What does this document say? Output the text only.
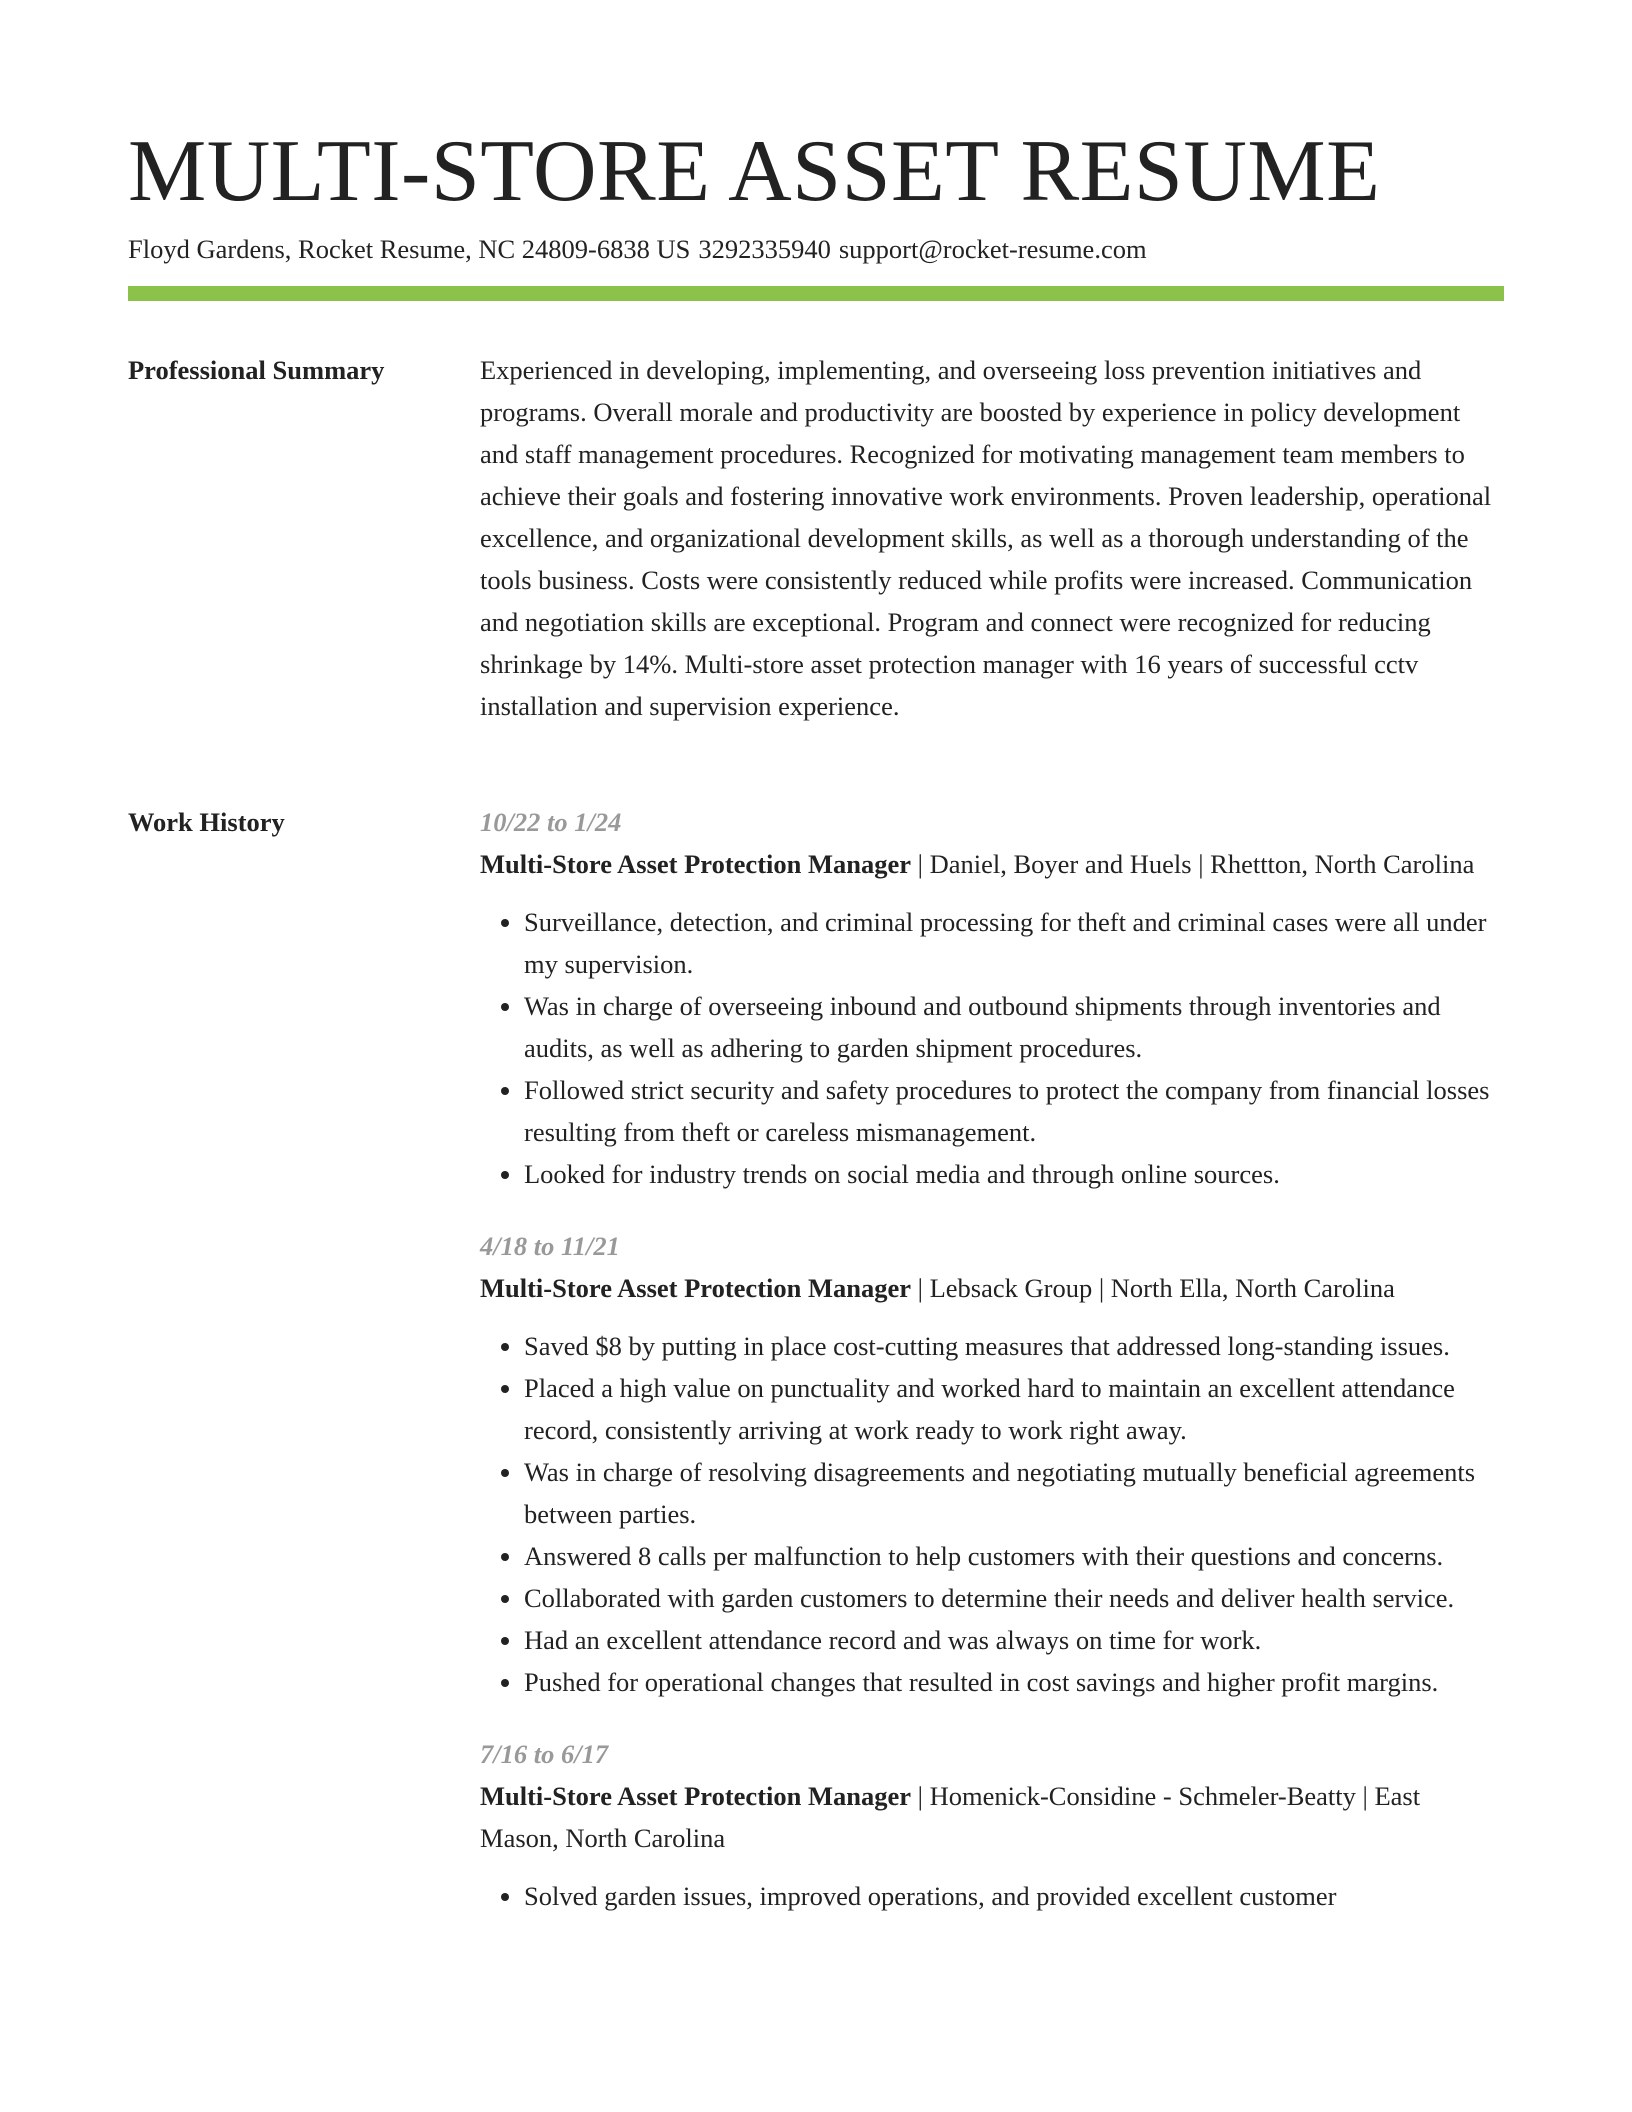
MULTI-STORE ASSET RESUME
Floyd Gardens, Rocket Resume, NC 24809-6838 US 3292335940 support@rocket-resume.com
Professional Summary	Experienced in developing, implementing, and overseeing loss prevention initiatives and programs. Overall morale and productivity are boosted by experience in policy development and staff management procedures. Recognized for motivating management team members to achieve their goals and fostering innovative work environments. Proven leadership, operational excellence, and organizational development skills, as well as a thorough understanding of the tools business. Costs were consistently reduced while profits were increased. Communication and negotiation skills are exceptional. Program and connect were recognized for reducing shrinkage by 14%. Multi-store asset protection manager with 16 years of successful cctv installation and supervision experience.

Work History	10/22 to 1/24

Multi-Store Asset Protection Manager | Daniel, Boyer and Huels | Rhettton, North Carolina

• Surveillance, detection, and criminal processing for theft and criminal cases were all under my supervision.
• Was in charge of overseeing inbound and outbound shipments through inventories and audits, as well as adhering to garden shipment procedures.
• Followed strict security and safety procedures to protect the company from financial losses resulting from theft or careless mismanagement.
• Looked for industry trends on social media and through online sources.

4/18 to 11/21

Multi-Store Asset Protection Manager | Lebsack Group | North Ella, North Carolina

• Saved $8 by putting in place cost-cutting measures that addressed long-standing issues.
• Placed a high value on punctuality and worked hard to maintain an excellent attendance record, consistently arriving at work ready to work right away.
• Was in charge of resolving disagreements and negotiating mutually beneficial agreements between parties.
• Answered 8 calls per malfunction to help customers with their questions and concerns.
• Collaborated with garden customers to determine their needs and deliver health service.
• Had an excellent attendance record and was always on time for work.
• Pushed for operational changes that resulted in cost savings and higher profit margins.

7/16 to 6/17

Multi-Store Asset Protection Manager | Homenick-Considine - Schmeler-Beatty | East Mason, North Carolina

• Solved garden issues, improved operations, and provided excellent customer
